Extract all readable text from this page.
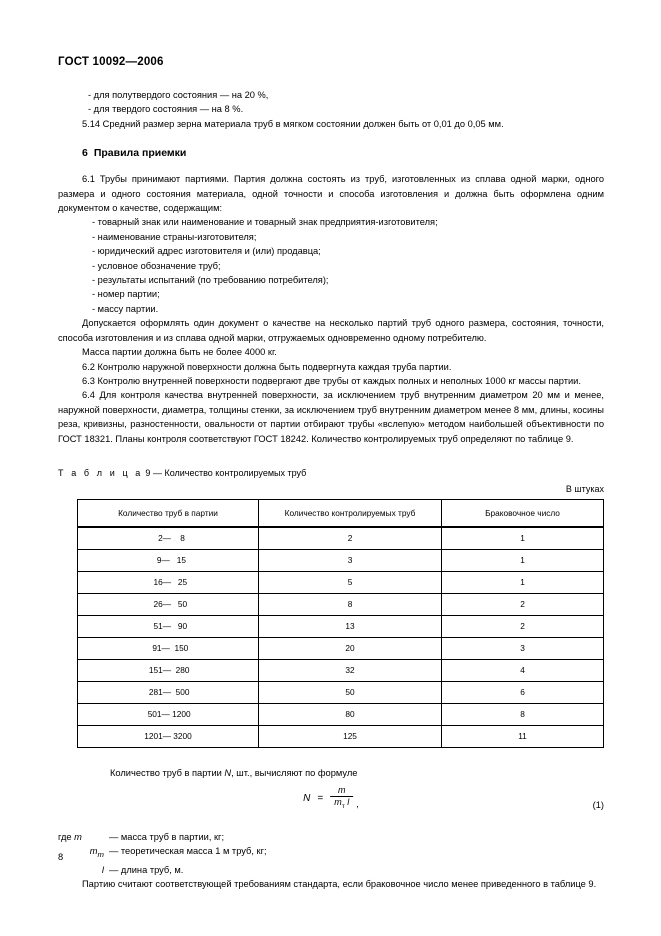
ГОСТ 10092—2006

- для полутвердого состояния — на 20 %,

- для твердого состояния — на 8 %.

5.14 Средний размер зерна материала труб в мягком состоянии должен быть от 0,01 до 0,05 мм.

6 Правила приемки

6.1 Трубы принимают партиями. Партия должна состоять из труб, изготовленных из сплава одной марки, одного размера и одного состояния материала, одной точности и способа изготовления и должна быть оформлена одним документом о качестве, содержащим:

- товарный знак или наименование и товарный знак предприятия-изготовителя;

- наименование страны-изготовителя;

- юридический адрес изготовителя и (или) продавца;

- условное обозначение труб;

- результаты испытаний (по требованию потребителя);

- номер партии;

- массу партии.

Допускается оформлять один документ о качестве на несколько партий труб одного размера, состояния, точности, способа изготовления и из сплава одной марки, отгружаемых одновременно одному потребителю.

Масса партии должна быть не более 4000 кг.

6.2 Контролю наружной поверхности должна быть подвергнута каждая труба партии.

6.3 Контролю внутренней поверхности подвергают две трубы от каждых полных и неполных 1000 кг массы партии.

6.4 Для контроля качества внутренней поверхности, за исключением труб внутренним диаметром 20 мм и менее, наружной поверхности, диаметра, толщины стенки, за исключением труб внутренним диаметром менее 8 мм, длины, косины реза, кривизны, разностенности, овальности от партии отбирают трубы «вслепую» методом наибольшей объективности по ГОСТ 18321. Планы контроля соответствуют ГОСТ 18242. Количество контролируемых труб определяют по таблице 9.

Т а б л и ц а 9 — Количество контролируемых труб

В штуках

Количество труб в партии	Количество контролируемых труб	Браковочное число
2—    8	2	1
9—   15	3	1
16—   25	5	1
26—   50	8	2
51—   90	13	2
91—  150	20	3
151—  280	32	4
281—  500	50	6
501— 1200	80	8
1201— 3200	125	11

Количество труб в партии N, шт., вычисляют по формуле

$N = \frac{m}{m_т l}$ ,	(1)
где m	— масса труб в партии, кг;
$m_т$ — теоретическая масса 1 м труб, кг;
l — длина труб, м.

Партию считают соответствующей требованиям стандарта, если браковочное число менее приведенного в таблице 9.

8
